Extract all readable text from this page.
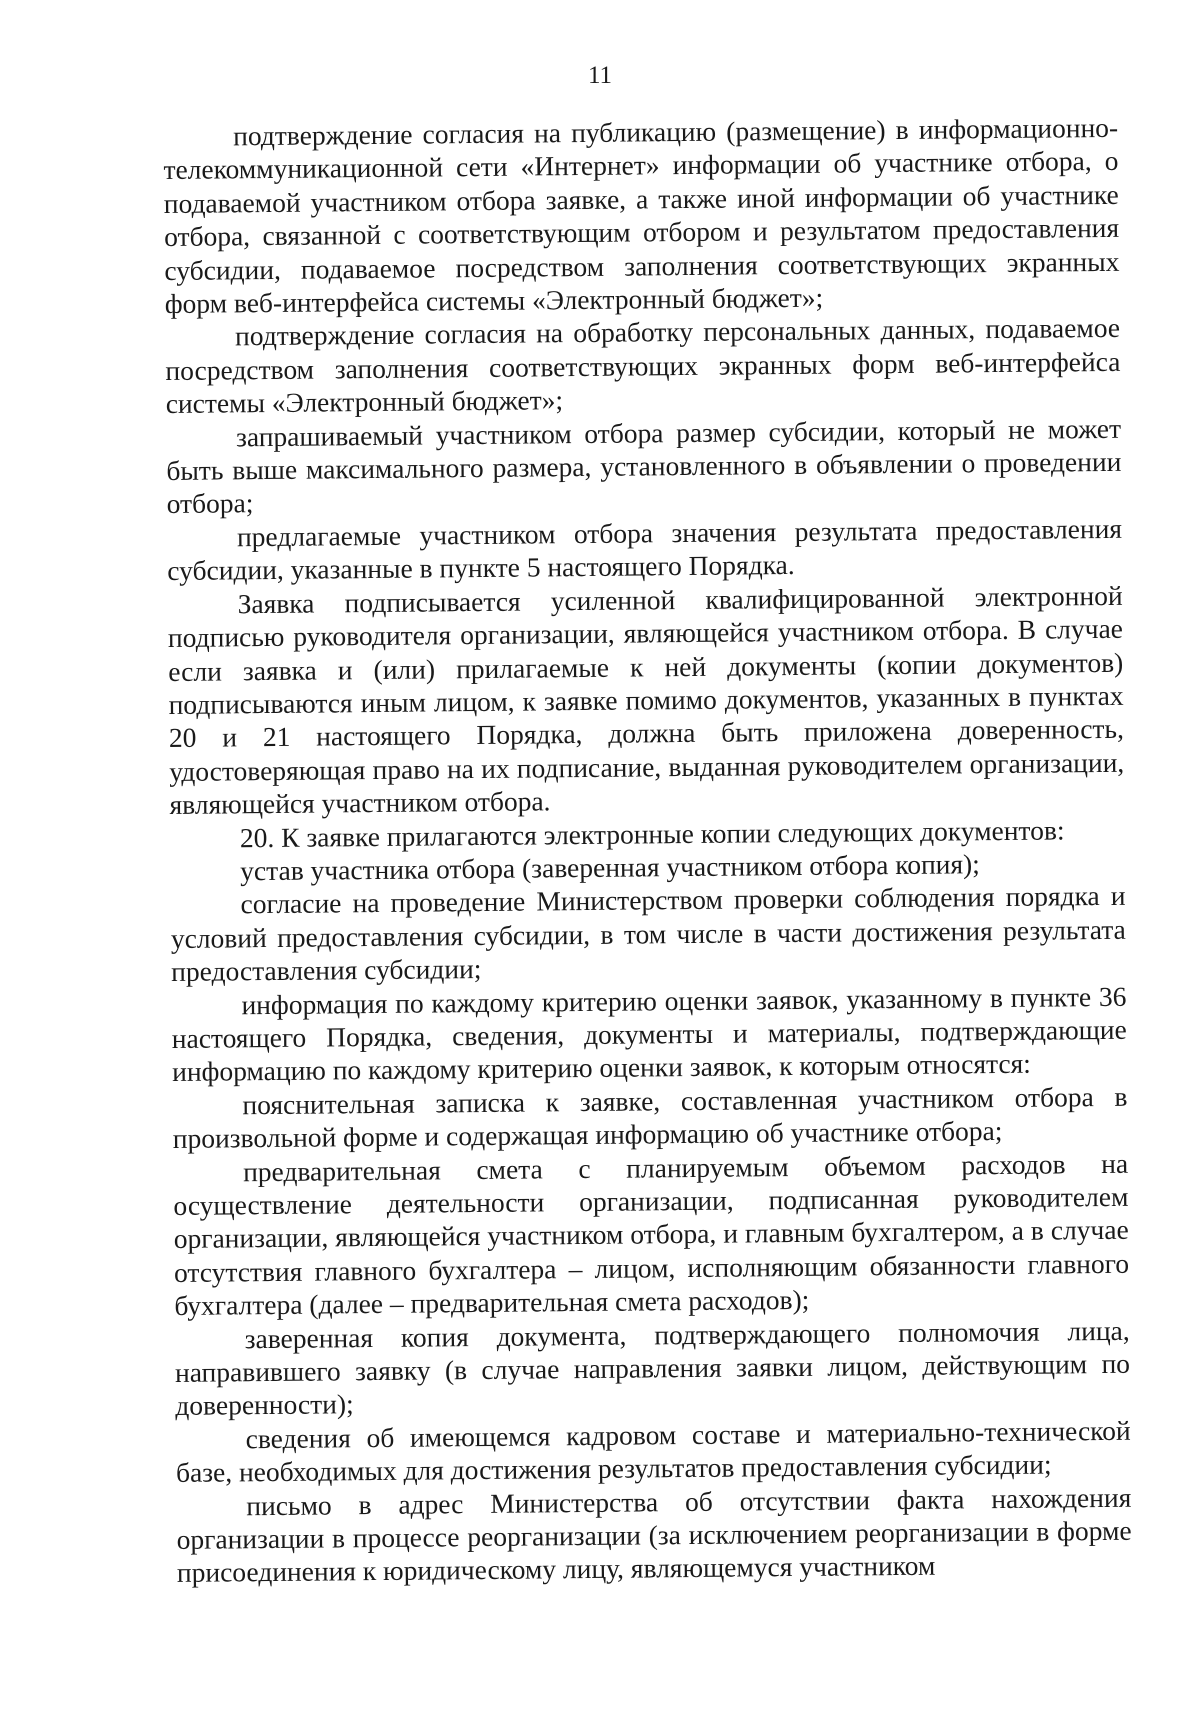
11

подтверждение согласия на публикацию (размещение) в информационно-телекоммуникационной сети «Интернет» информации об участнике отбора, о подаваемой участником отбора заявке, а также иной информации об участнике отбора, связанной с соответствующим отбором и результатом предоставления субсидии, подаваемое посредством заполнения соответствующих экранных форм веб-интерфейса системы «Электронный бюджет»;

подтверждение согласия на обработку персональных данных, подаваемое посредством заполнения соответствующих экранных форм веб-интерфейса системы «Электронный бюджет»;

запрашиваемый участником отбора размер субсидии, который не может быть выше максимального размера, установленного в объявлении о проведении отбора;

предлагаемые участником отбора значения результата предоставления субсидии, указанные в пункте 5 настоящего Порядка.

Заявка подписывается усиленной квалифицированной электронной подписью руководителя организации, являющейся участником отбора. В случае если заявка и (или) прилагаемые к ней документы (копии документов) подписываются иным лицом, к заявке помимо документов, указанных в пунктах 20 и 21 настоящего Порядка, должна быть приложена доверенность, удостоверяющая право на их подписание, выданная руководителем организации, являющейся участником отбора.

20. К заявке прилагаются электронные копии следующих документов:

устав участника отбора (заверенная участником отбора копия);

согласие на проведение Министерством проверки соблюдения порядка и условий предоставления субсидии, в том числе в части достижения результата предоставления субсидии;

информация по каждому критерию оценки заявок, указанному в пункте 36 настоящего Порядка, сведения, документы и материалы, подтверждающие информацию по каждому критерию оценки заявок, к которым относятся:

пояснительная записка к заявке, составленная участником отбора в произвольной форме и содержащая информацию об участнике отбора;

предварительная смета с планируемым объемом расходов на осуществление деятельности организации, подписанная руководителем организации, являющейся участником отбора, и главным бухгалтером, а в случае отсутствия главного бухгалтера – лицом, исполняющим обязанности главного бухгалтера (далее – предварительная смета расходов);

заверенная копия документа, подтверждающего полномочия лица, направившего заявку (в случае направления заявки лицом, действующим по доверенности);

сведения об имеющемся кадровом составе и материально-технической базе, необходимых для достижения результатов предоставления субсидии;

письмо в адрес Министерства об отсутствии факта нахождения организации в процессе реорганизации (за исключением реорганизации в форме присоединения к юридическому лицу, являющемуся участником
